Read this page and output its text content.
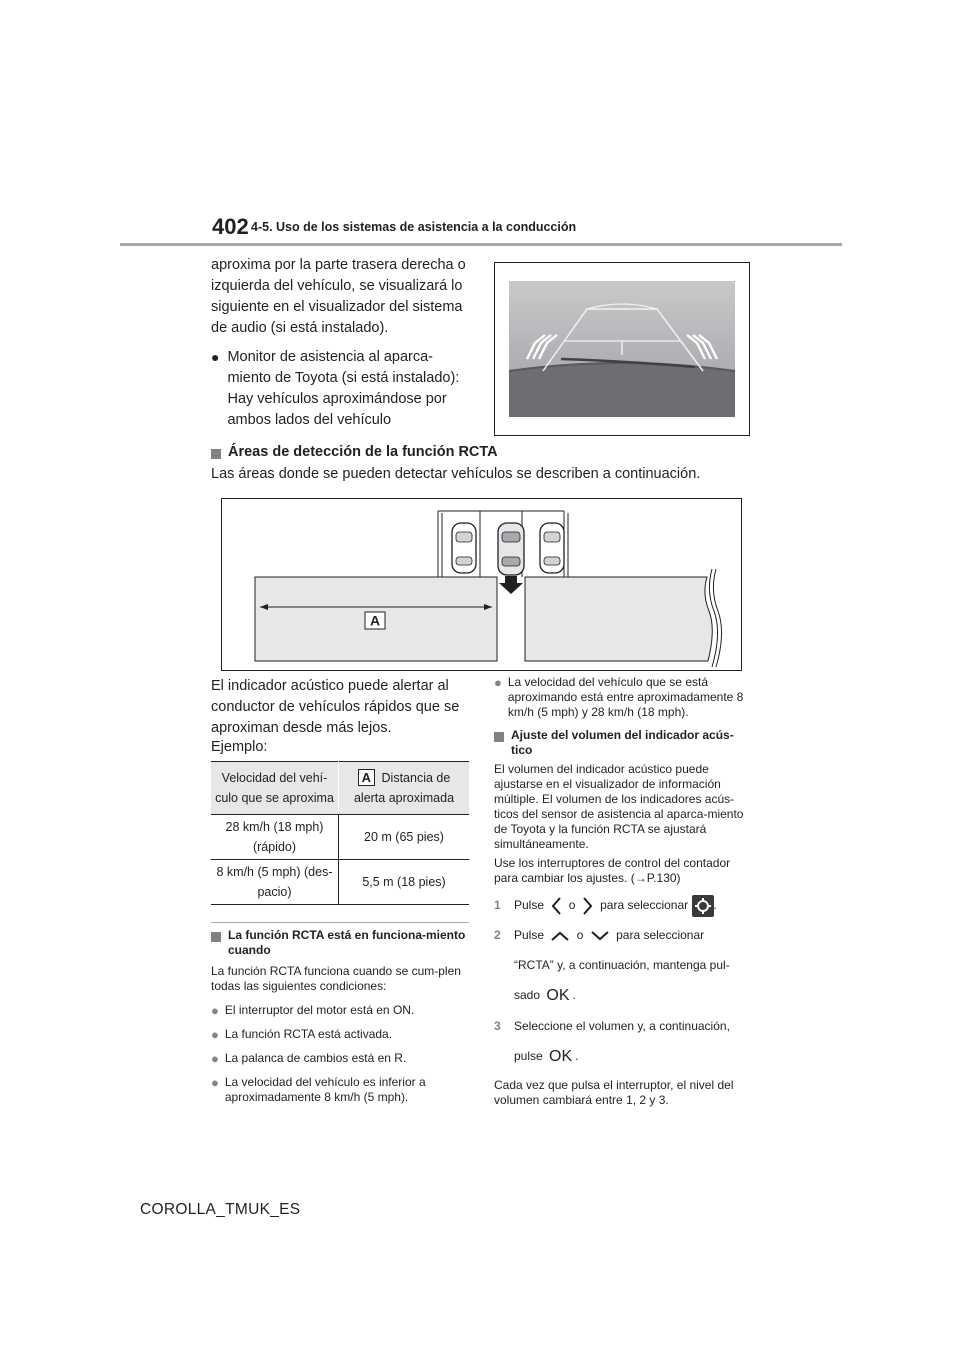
402 4-5. Uso de los sistemas de asistencia a la conducción
aproxima por la parte trasera derecha o izquierda del vehículo, se visualizará lo siguiente en el visualizador del sistema de audio (si está instalado).
● Monitor de asistencia al aparca-miento de Toyota (si está instalado): Hay vehículos aproximándose por ambos lados del vehículo
Áreas de detección de la función RCTA
Las áreas donde se pueden detectar vehículos se describen a continuación.
A
El indicador acústico puede alertar al conductor de vehículos rápidos que se aproximan desde más lejos.
Ejemplo:
Velocidad del vehí-culo que se aproxima	A Distancia de alerta aproximada
28 km/h (18 mph) (rápido)	20 m (65 pies)
8 km/h (5 mph) (des-pacio)	5,5 m (18 pies)
La función RCTA está en funciona-miento cuando
La función RCTA funciona cuando se cum-plen todas las siguientes condiciones:
● El interruptor del motor está en ON.
● La función RCTA está activada.
● La palanca de cambios está en R.
● La velocidad del vehículo es inferior a aproximadamente 8 km/h (5 mph).
● La velocidad del vehículo que se está aproximando está entre aproximadamente 8 km/h (5 mph) y 28 km/h (18 mph).
Ajuste del volumen del indicador acús-tico
El volumen del indicador acústico puede ajustarse en el visualizador de información múltiple. El volumen de los indicadores acús-ticos del sensor de asistencia al aparca-miento de Toyota y la función RCTA se ajustará simultáneamente.
Use los interruptores de control del contador para cambiar los ajustes. (→P.130)
1	Pulse o para seleccionar .
2	Pulse	o	para seleccionar
“RCTA” y, a continuación, mantenga pul-
sado OK .
3	Seleccione el volumen y, a continuación,
pulse OK .
Cada vez que pulsa el interruptor, el nivel del volumen cambiará entre 1, 2 y 3.
COROLLA_TMUK_ES
